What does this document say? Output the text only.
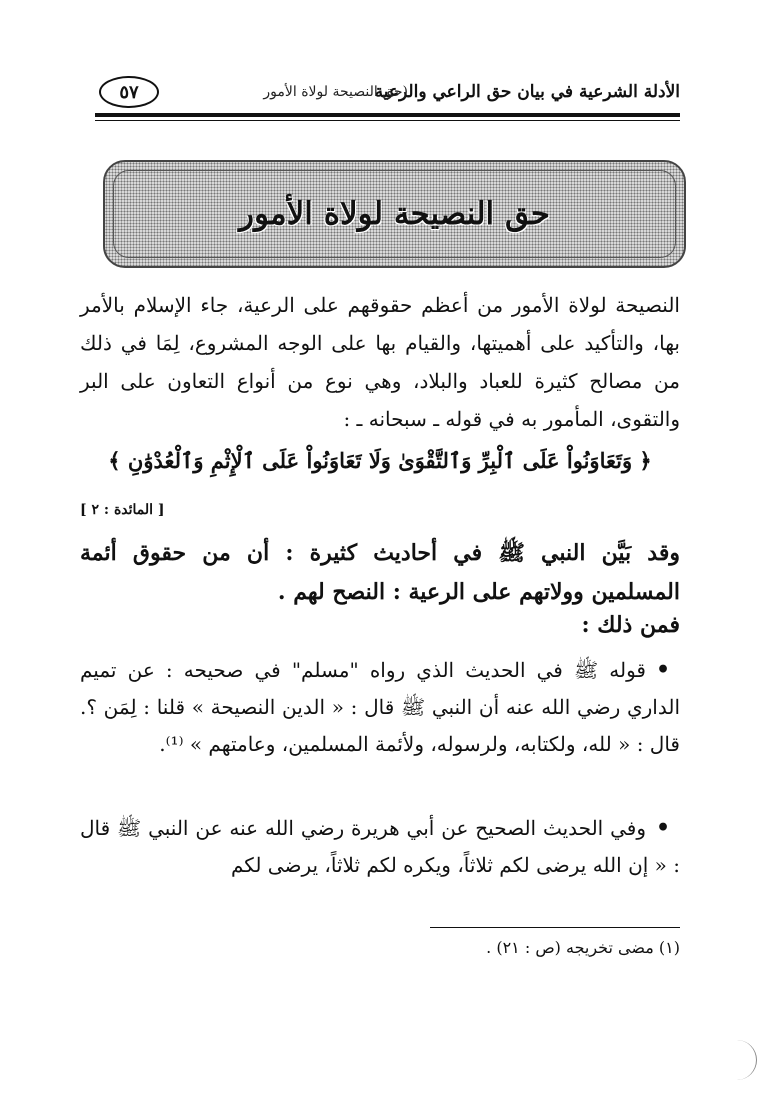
الأدلة الشرعية في بيان حق الراعي والرعية
(حق النصيحة لولاة الأمور
٥٧
حق النصيحة لولاة الأمور

النصيحة لولاة الأمور من أعظم حقوقهم على الرعية، جاء الإسلام بالأمر بها، والتأكيد على أهميتها، والقيام بها على الوجه المشروع، لِمَا في ذلك من مصالح كثيرة للعباد والبلاد، وهي نوع من أنواع التعاون على البر والتقوى، المأمور به في قوله ـ سبحانه ـ :

﴿ وَتَعَاوَنُواْ عَلَى ٱلْبِرِّ وَٱلتَّقْوَىٰ وَلَا تَعَاوَنُواْ عَلَى ٱلْإِثْمِ وَٱلْعُدْوَٰنِ ﴾
[ المائدة : ٢ ]

وقد بَيَّن النبي ﷺ في أحاديث كثيرة : أن من حقوق أئمة المسلمين وولاتهم على الرعية : النصح لهم .

فمن ذلك :

•قوله ﷺ في الحديث الذي رواه "مسلم" في صحيحه : عن تميم الداري رضي الله عنه أن النبي ﷺ قال : « الدين النصيحة » قلنا : لِمَن ؟. قال : « لله، ولكتابه، ولرسوله، ولأئمة المسلمين، وعامتهم » ⁽¹⁾.

•وفي الحديث الصحيح عن أبي هريرة رضي الله عنه عن النبي ﷺ قال : « إن الله يرضى لكم ثلاثاً، ويكره لكم ثلاثاً، يرضى لكم

(١) مضى تخريجه (ص : ٢١) .
